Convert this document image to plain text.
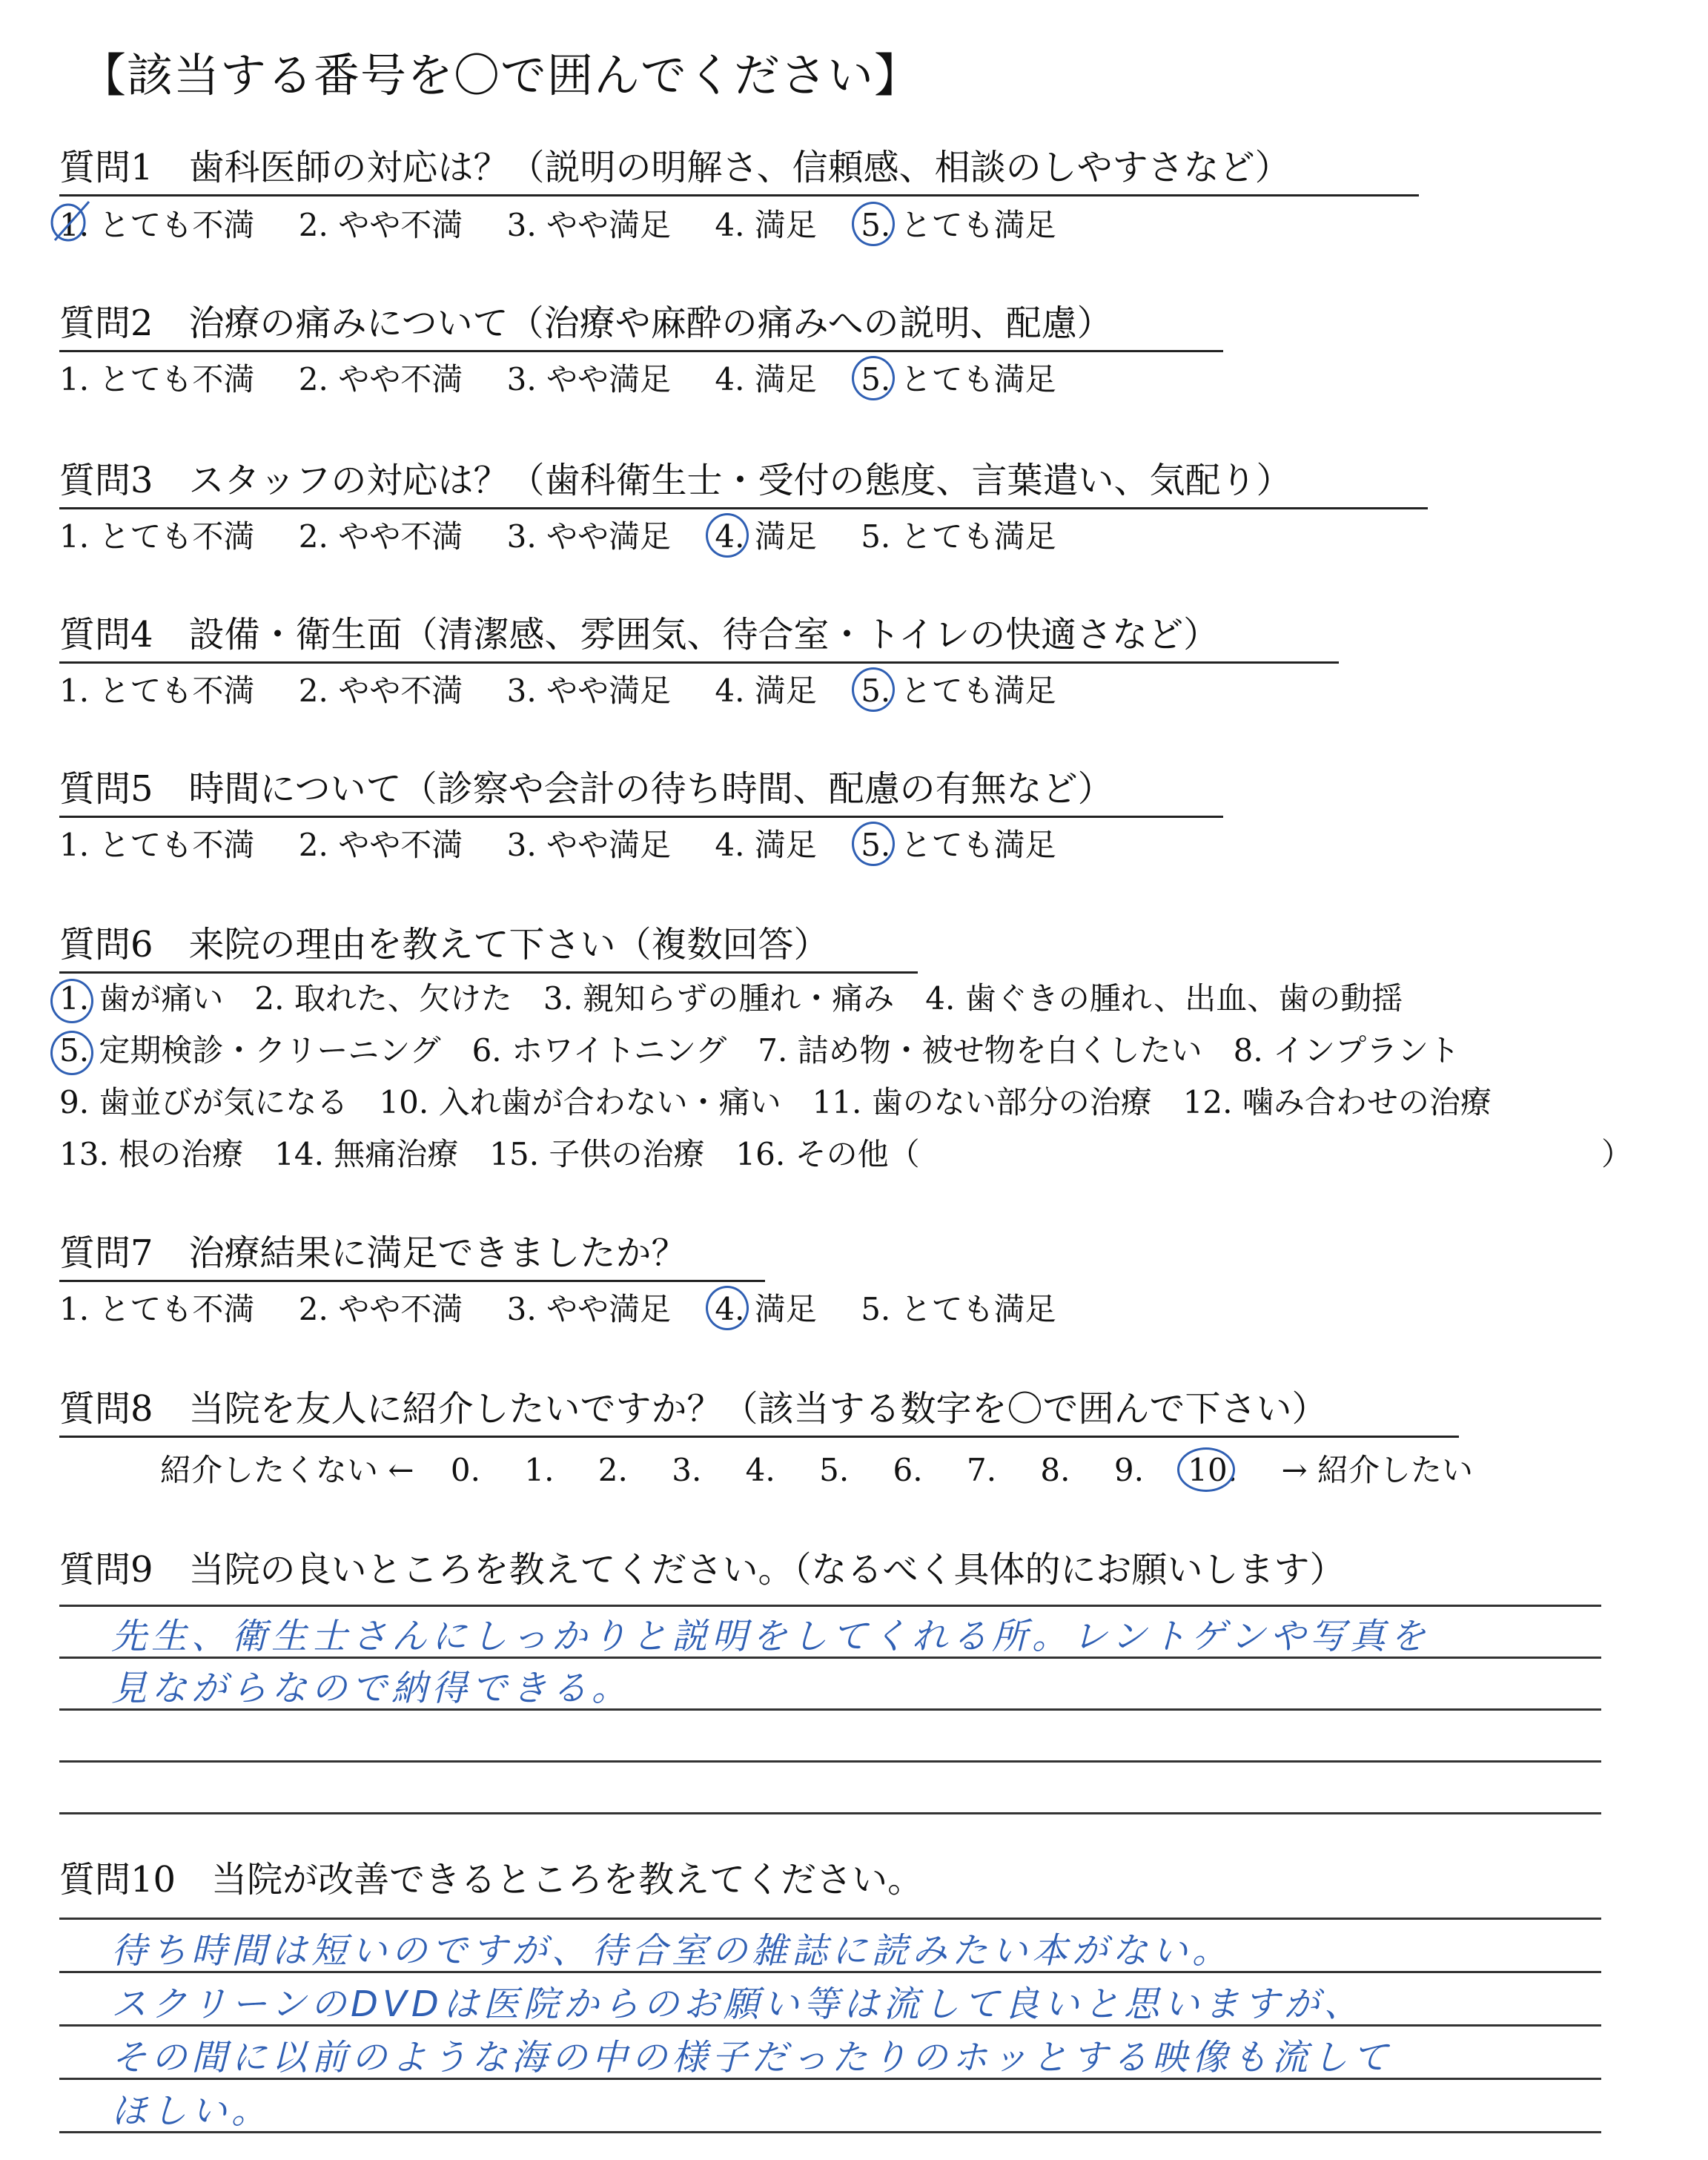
【該当する番号を〇で囲んでください】
質問1　歯科医師の対応は？（説明の明解さ、信頼感、相談のしやすさなど）
1. とても不満 2. やや不満 3. やや満足 4. 満足 5. とても満足
質問2　治療の痛みについて（治療や麻酔の痛みへの説明、配慮）
1. とても不満 2. やや不満 3. やや満足 4. 満足 5. とても満足
質問3　スタッフの対応は？（歯科衛生士・受付の態度、言葉遣い、気配り）
1. とても不満 2. やや不満 3. やや満足 4. 満足 5. とても満足
質問4　設備・衛生面（清潔感、雰囲気、待合室・トイレの快適さなど）
1. とても不満 2. やや不満 3. やや満足 4. 満足 5. とても満足
質問5　時間について（診察や会計の待ち時間、配慮の有無など）
1. とても不満 2. やや不満 3. やや満足 4. 満足 5. とても満足
質問6　来院の理由を教えて下さい（複数回答）
1. 歯が痛い　2. 取れた、欠けた　3. 親知らずの腫れ・痛み　4. 歯ぐきの腫れ、出血、歯の動揺
5. 定期検診・クリーニング　6. ホワイトニング　7. 詰め物・被せ物を白くしたい　8. インプラント
9. 歯並びが気になる　10. 入れ歯が合わない・痛い　11. 歯のない部分の治療　12. 噛み合わせの治療
13. 根の治療　14. 無痛治療　15. 子供の治療　16. その他（	）
質問7　治療結果に満足できましたか？
1. とても不満 2. やや不満 3. やや満足 4. 満足 5. とても満足
質問8　当院を友人に紹介したいですか？（該当する数字を〇で囲んで下さい）
紹介したくない ← 0. 1. 2. 3. 4. 5. 6. 7. 8. 9. 10. → 紹介したい
質問9　当院の良いところを教えてください。（なるべく具体的にお願いします）
先生、衛生士さんにしっかりと説明をしてくれる所。レントゲンや写真を
見ながらなので納得できる。
質問10　当院が改善できるところを教えてください。
待ち時間は短いのですが、待合室の雑誌に読みたい本がない。
スクリーンのDVDは医院からのお願い等は流して良いと思いますが、
その間に以前のような海の中の様子だったりのホッとする映像も流して
ほしい。
